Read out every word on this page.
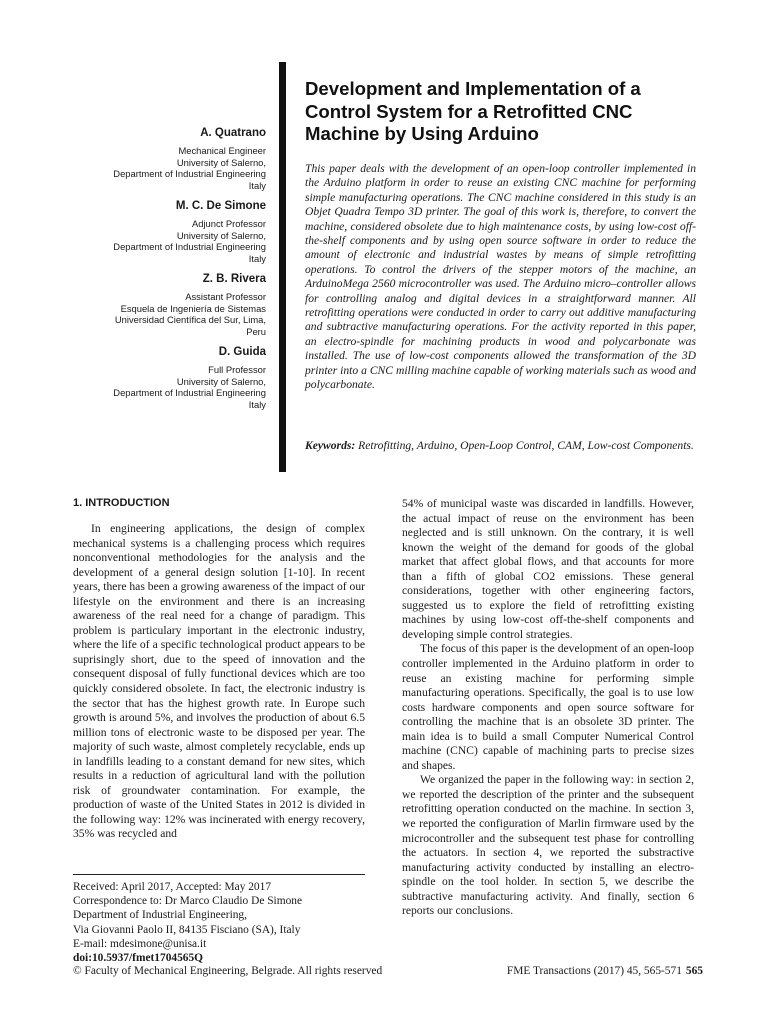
A. Quatrano
Mechanical Engineer
University of Salerno,
Department of Industrial Engineering
Italy
M. C. De Simone
Adjunct Professor
University of Salerno,
Department of Industrial Engineering
Italy
Z. B. Rivera
Assistant Professor
Esquela de Ingeniería de Sistemas
Universidad Científica del Sur, Lima,
Peru
D. Guida
Full Professor
University of Salerno,
Department of Industrial Engineering
Italy
Development and Implementation of a Control System for a Retrofitted CNC Machine by Using Arduino
This paper deals with the development of an open-loop controller implemented in the Arduino platform in order to reuse an existing CNC machine for performing simple manufacturing operations. The CNC machine considered in this study is an Objet Quadra Tempo 3D printer. The goal of this work is, therefore, to convert the machine, considered obsolete due to high maintenance costs, by using low-cost off-the-shelf components and by using open source software in order to reduce the amount of electronic and industrial wastes by means of simple retrofitting operations. To control the drivers of the stepper motors of the machine, an ArduinoMega 2560 microcontroller was used. The Arduino micro–controller allows for controlling analog and digital devices in a straightforward manner. All retrofitting operations were conducted in order to carry out additive manufacturing and subtractive manufacturing operations. For the activity reported in this paper, an electro-spindle for machining products in wood and polycarbonate was installed. The use of low-cost components allowed the transformation of the 3D printer into a CNC milling machine capable of working materials such as wood and polycarbonate.
Keywords: Retrofitting, Arduino, Open-Loop Control, CAM, Low-cost Components.
1. INTRODUCTION

In engineering applications, the design of complex mechanical systems is a challenging process which requires nonconventional methodologies for the analysis and the development of a general design solution [1-10]. In recent years, there has been a growing awareness of the impact of our lifestyle on the environment and there is an increasing awareness of the real need for a change of paradigm. This problem is particulary important in the electronic industry, where the life of a specific technological product appears to be suprisingly short, due to the speed of innovation and the consequent disposal of fully functional devices which are too quickly considered obsolete. In fact, the electronic industry is the sector that has the highest growth rate. In Europe such growth is around 5%, and involves the production of about 6.5 million tons of electronic waste to be disposed per year. The majority of such waste, almost completely recyclable, ends up in landfills leading to a constant demand for new sites, which results in a reduction of agricultural land with the pollution risk of groundwater contamination. For example, the production of waste of the United States in 2012 is divided in the following way: 12% was incinerated with energy recovery, 35% was recycled and

54% of municipal waste was discarded in landfills. However, the actual impact of reuse on the environment has been neglected and is still unknown. On the contrary, it is well known the weight of the demand for goods of the global market that affect global flows, and that accounts for more than a fifth of global CO2 emissions. These general considerations, together with other engineering factors, suggested us to explore the field of retrofitting existing machines by using low-cost off-the-shelf components and developing simple control strategies.

The focus of this paper is the development of an open-loop controller implemented in the Arduino platform in order to reuse an existing machine for performing simple manufacturing operations. Specifically, the goal is to use low costs hardware components and open source software for controlling the machine that is an obsolete 3D printer. The main idea is to build a small Computer Numerical Control machine (CNC) capable of machining parts to precise sizes and shapes.

We organized the paper in the following way: in section 2, we reported the description of the printer and the subsequent retrofitting operation conducted on the machine. In section 3, we reported the configuration of Marlin firmware used by the microcontroller and the subsequent test phase for controlling the actuators. In section 4, we reported the substractive manufacturing activity conducted by installing an electro-spindle on the tool holder. In section 5, we describe the subtractive manufacturing activity. And finally, section 6 reports our conclusions.

Received: April 2017, Accepted: May 2017
Correspondence to: Dr Marco Claudio De Simone
Department of Industrial Engineering,
Via Giovanni Paolo II, 84135 Fisciano (SA), Italy
E-mail: mdesimone@unisa.it
doi:10.5937/fmet1704565Q
© Faculty of Mechanical Engineering, Belgrade. All rights reserved	FME Transactions (2017) 45, 565-571 565
